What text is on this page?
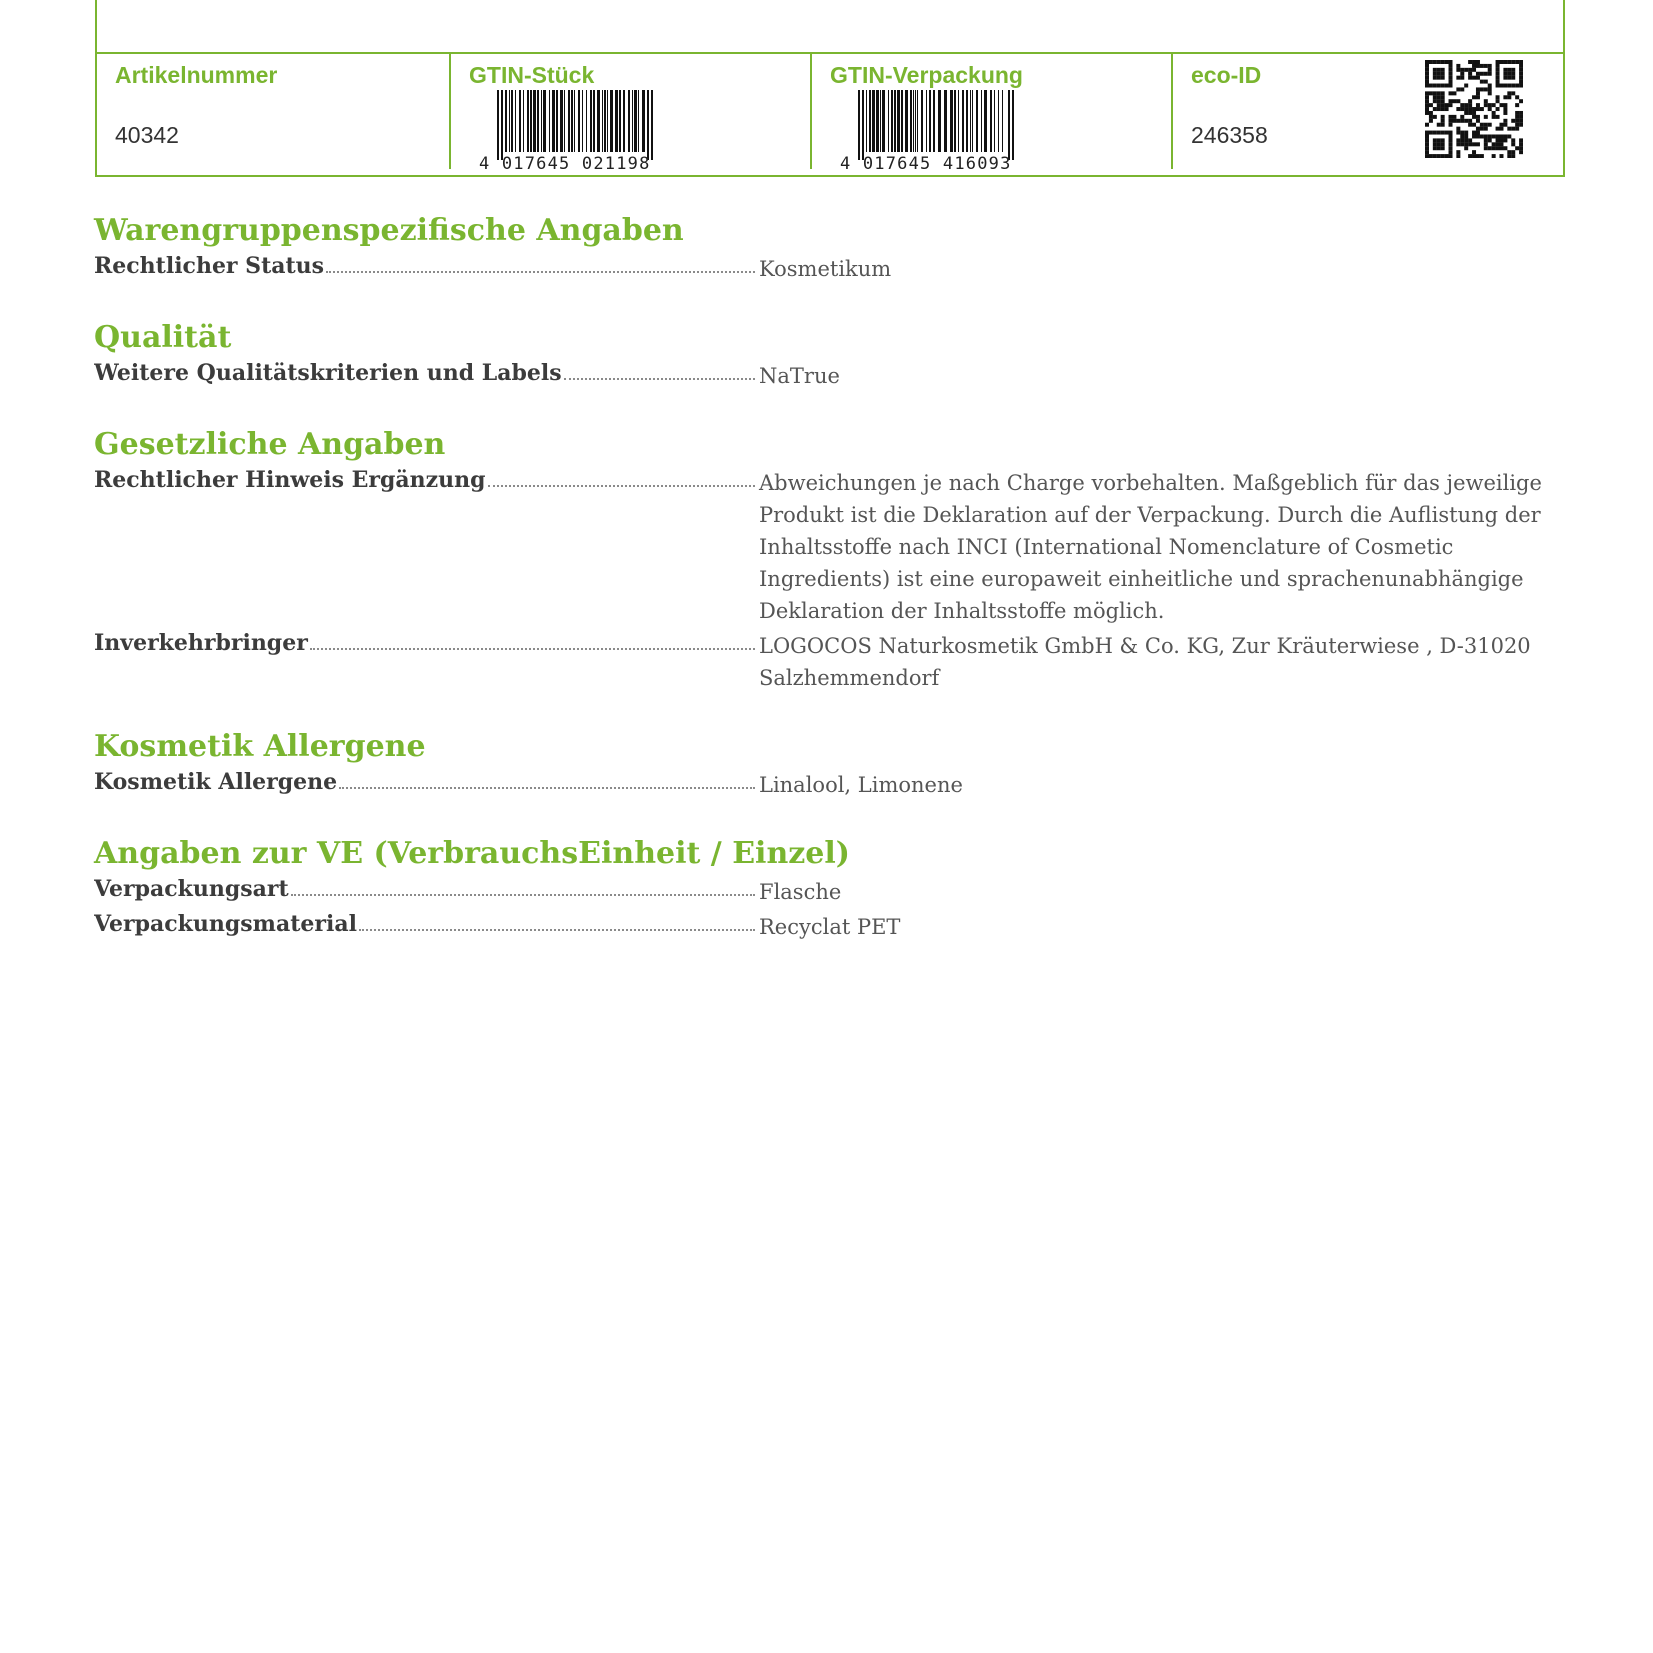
Artikelnummer
40342
GTIN-Stück
4 017645 021198
GTIN-Verpackung
4 017645 416093
eco-ID
246358
Warengruppenspezifische Angaben
Rechtlicher Status	Kosmetikum
Qualität
Weitere Qualitätskriterien und Labels	NaTrue
Gesetzliche Angaben
Rechtlicher Hinweis Ergänzung	Abweichungen je nach Charge vorbehalten. Maßgeblich für das jeweilige Produkt ist die Deklaration auf der Verpackung. Durch die Auflistung der Inhaltsstoffe nach INCI (International Nomenclature of Cosmetic Ingredients) ist eine europaweit einheitliche und sprachenunabhängige Deklaration der Inhaltsstoffe möglich.
Inverkehrbringer	LOGOCOS Naturkosmetik GmbH & Co. KG, Zur Kräuterwiese , D-31020 Salzhemmendorf
Kosmetik Allergene
Kosmetik Allergene	Linalool, Limonene
Angaben zur VE (VerbrauchsEinheit / Einzel)
Verpackungsart	Flasche
Verpackungsmaterial	Recyclat PET
